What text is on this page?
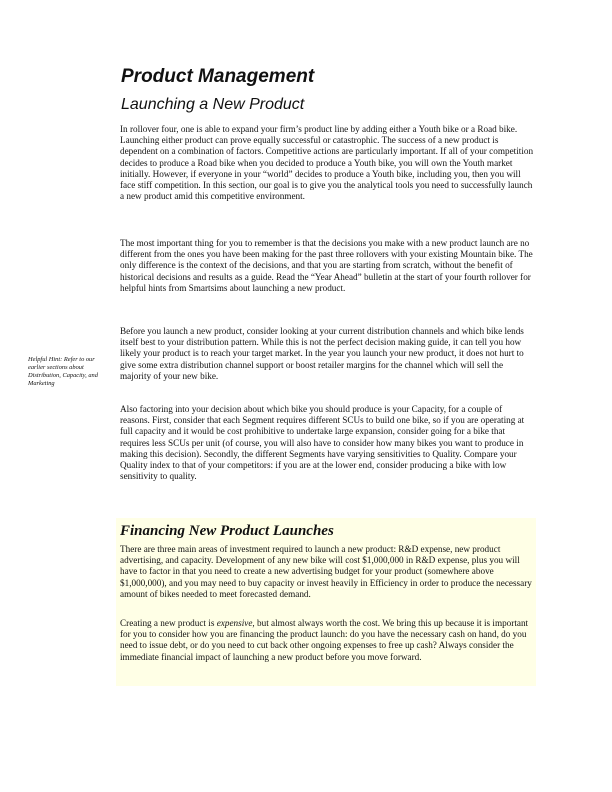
Product Management
Launching a New Product

In rollover four, one is able to expand your firm’s product line by adding either a Youth bike or a Road bike. Launching either product can prove equally successful or catastrophic. The success of a new product is dependent on a combination of factors. Competitive actions are particularly important. If all of your competition decides to produce a Road bike when you decided to produce a Youth bike, you will own the Youth market initially. However, if everyone in your “world” decides to produce a Youth bike, including you, then you will face stiff competition. In this section, our goal is to give you the analytical tools you need to successfully launch a new product amid this competitive environment.

The most important thing for you to remember is that the decisions you make with a new product launch are no different from the ones you have been making for the past three rollovers with your existing Mountain bike. The only difference is the context of the decisions, and that you are starting from scratch, without the benefit of historical decisions and results as a guide. Read the “Year Ahead” bulletin at the start of your fourth rollover for helpful hints from Smartsims about launching a new product.

Before you launch a new product, consider looking at your current distribution channels and which bike lends itself best to your distribution pattern. While this is not the perfect decision making guide, it can tell you how likely your product is to reach your target market. In the year you launch your new product, it does not hurt to give some extra distribution channel support or boost retailer margins for the channel which will sell the majority of your new bike.

Also factoring into your decision about which bike you should produce is your Capacity, for a couple of reasons. First, consider that each Segment requires different SCUs to build one bike, so if you are operating at full capacity and it would be cost prohibitive to undertake large expansion, consider going for a bike that requires less SCUs per unit (of course, you will also have to consider how many bikes you want to produce in making this decision). Secondly, the different Segments have varying sensitivities to Quality. Compare your Quality index to that of your competitors: if you are at the lower end, consider producing a bike with low sensitivity to quality.

Helpful Hint: Refer to our earlier sections about Distribution, Capacity, and Marketing

Financing New Product Launches

There are three main areas of investment required to launch a new product: R&D expense, new product advertising, and capacity. Development of any new bike will cost $1,000,000 in R&D expense, plus you will have to factor in that you need to create a new advertising budget for your product (somewhere above $1,000,000), and you may need to buy capacity or invest heavily in Efficiency in order to produce the necessary amount of bikes needed to meet forecasted demand.

Creating a new product is expensive, but almost always worth the cost. We bring this up because it is important for you to consider how you are financing the product launch: do you have the necessary cash on hand, do you need to issue debt, or do you need to cut back other ongoing expenses to free up cash? Always consider the immediate financial impact of launching a new product before you move forward.
